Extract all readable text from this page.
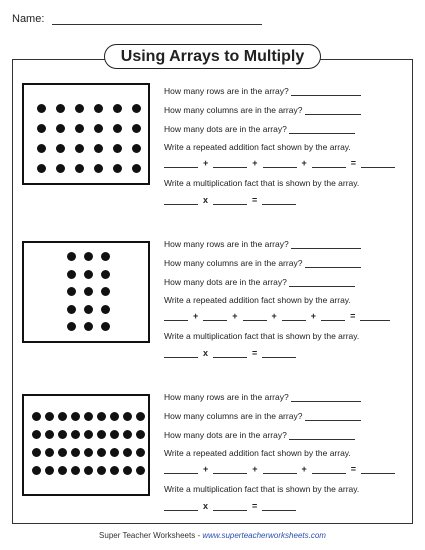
Name:
Using Arrays to Multiply
How many rows are in the array?
How many columns are in the array?
How many dots are in the array?
Write a repeated addition fact shown by the array.
+	+	+	=
Write a multiplication fact that is shown by the array.
x	=
How many rows are in the array?
How many columns are in the array?
How many dots are in the array?
Write a repeated addition fact shown by the array.
+	+	+	+	=
Write a multiplication fact that is shown by the array.
x	=
How many rows are in the array?
How many columns are in the array?
How many dots are in the array?
Write a repeated addition fact shown by the array.
+	+	+	=
Write a multiplication fact that is shown by the array.
x	=
Super Teacher Worksheets - www.superteacherworksheets.com
